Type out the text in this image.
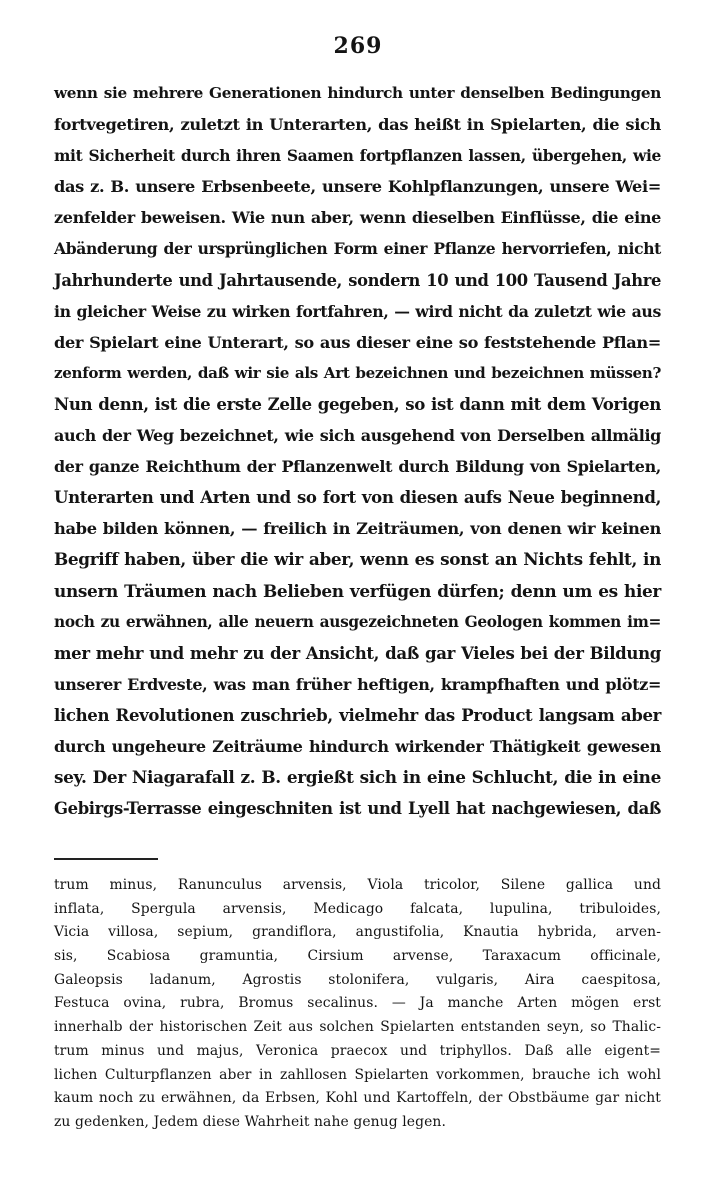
269
wenn sie mehrere Generationen hindurch unter denselben Bedingungen
fortvegetiren, zuletzt in Unterarten, das heißt in Spielarten, die sich
mit Sicherheit durch ihren Saamen fortpflanzen lassen, übergehen, wie
das z. B. unsere Erbsenbeete, unsere Kohlpflanzungen, unsere Wei=
zenfelder beweisen. Wie nun aber, wenn dieselben Einflüsse, die eine
Abänderung der ursprünglichen Form einer Pflanze hervorriefen, nicht
Jahrhunderte und Jahrtausende, sondern 10 und 100 Tausend Jahre
in gleicher Weise zu wirken fortfahren, — wird nicht da zuletzt wie aus
der Spielart eine Unterart, so aus dieser eine so feststehende Pflan=
zenform werden, daß wir sie als Art bezeichnen und bezeichnen müssen?
Nun denn, ist die erste Zelle gegeben, so ist dann mit dem Vorigen
auch der Weg bezeichnet, wie sich ausgehend von Derselben allmälig
der ganze Reichthum der Pflanzenwelt durch Bildung von Spielarten,
Unterarten und Arten und so fort von diesen aufs Neue beginnend,
habe bilden können, — freilich in Zeiträumen, von denen wir keinen
Begriff haben, über die wir aber, wenn es sonst an Nichts fehlt, in
unsern Träumen nach Belieben verfügen dürfen; denn um es hier
noch zu erwähnen, alle neuern ausgezeichneten Geologen kommen im=
mer mehr und mehr zu der Ansicht, daß gar Vieles bei der Bildung
unserer Erdveste, was man früher heftigen, krampfhaften und plötz=
lichen Revolutionen zuschrieb, vielmehr das Product langsam aber
durch ungeheure Zeiträume hindurch wirkender Thätigkeit gewesen
sey. Der Niagarafall z. B. ergießt sich in eine Schlucht, die in eine
Gebirgs-Terrasse eingeschniten ist und Lyell hat nachgewiesen, daß
trum minus, Ranunculus arvensis, Viola tricolor, Silene gallica und
inflata, Spergula arvensis, Medicago falcata, lupulina, tribuloides,
Vicia villosa, sepium, grandiflora, angustifolia, Knautia hybrida, arven-
sis, Scabiosa gramuntia, Cirsium arvense, Taraxacum officinale,
Galeopsis ladanum, Agrostis stolonifera, vulgaris, Aira caespitosa,
Festuca ovina, rubra, Bromus secalinus. — Ja manche Arten mögen erst
innerhalb der historischen Zeit aus solchen Spielarten entstanden seyn, so Thalic-
trum minus und majus, Veronica praecox und triphyllos. Daß alle eigent=
lichen Culturpflanzen aber in zahllosen Spielarten vorkommen, brauche ich wohl
kaum noch zu erwähnen, da Erbsen, Kohl und Kartoffeln, der Obstbäume gar nicht
zu gedenken, Jedem diese Wahrheit nahe genug legen.
